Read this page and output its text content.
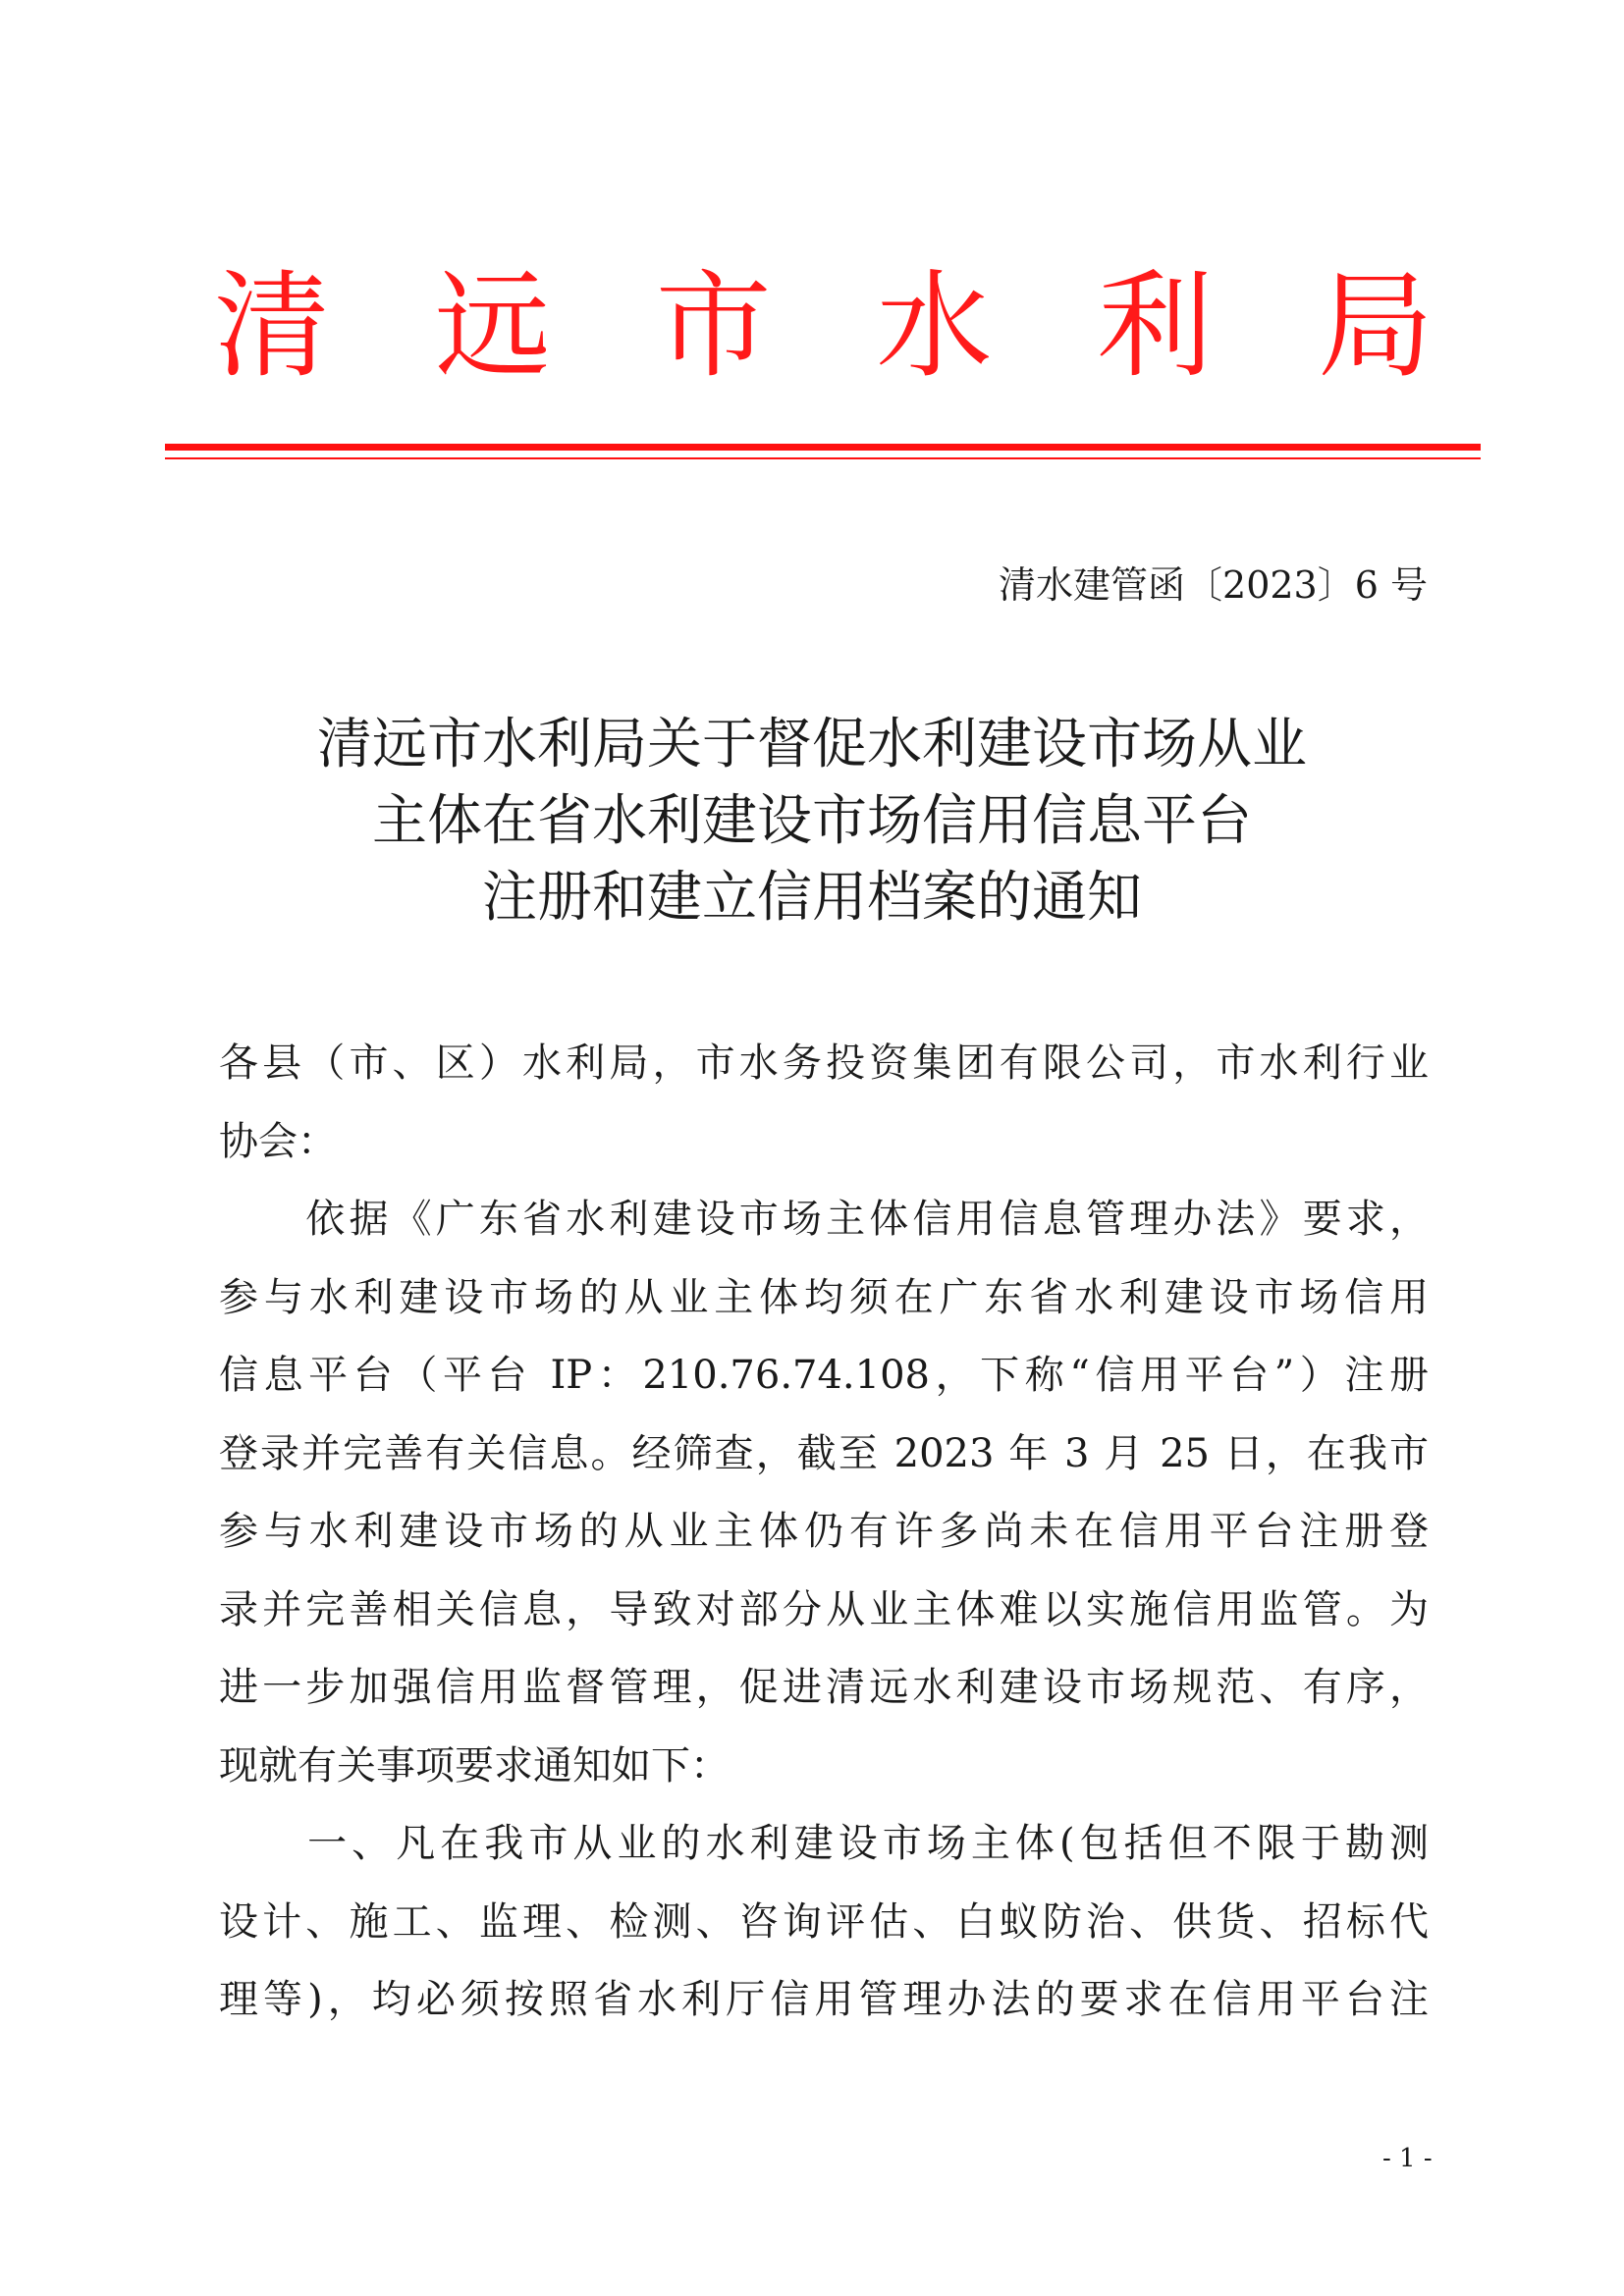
清 远 市 水 利 局
清水建管函〔2023〕6 号
清远市水利局关于督促水利建设市场从业
主体在省水利建设市场信用信息平台
注册和建立信用档案的通知
各县（市、区）水利局，市水务投资集团有限公司，市水利行业
协会：
　　依据《广东省水利建设市场主体信用信息管理办法》要求，
参与水利建设市场的从业主体均须在广东省水利建设市场信用
信息平台（平台 IP：210.76.74.108，下称“信用平台”）注册
登录并完善有关信息。经筛查，截至 2023 年 3 月 25 日，在我市
参与水利建设市场的从业主体仍有许多尚未在信用平台注册登
录并完善相关信息，导致对部分从业主体难以实施信用监管。为
进一步加强信用监督管理，促进清远水利建设市场规范、有序，
现就有关事项要求通知如下：
　　一、凡在我市从业的水利建设市场主体(包括但不限于勘测
设计、施工、监理、检测、咨询评估、白蚁防治、供货、招标代
理等)，均必须按照省水利厅信用管理办法的要求在信用平台注
- 1 -
